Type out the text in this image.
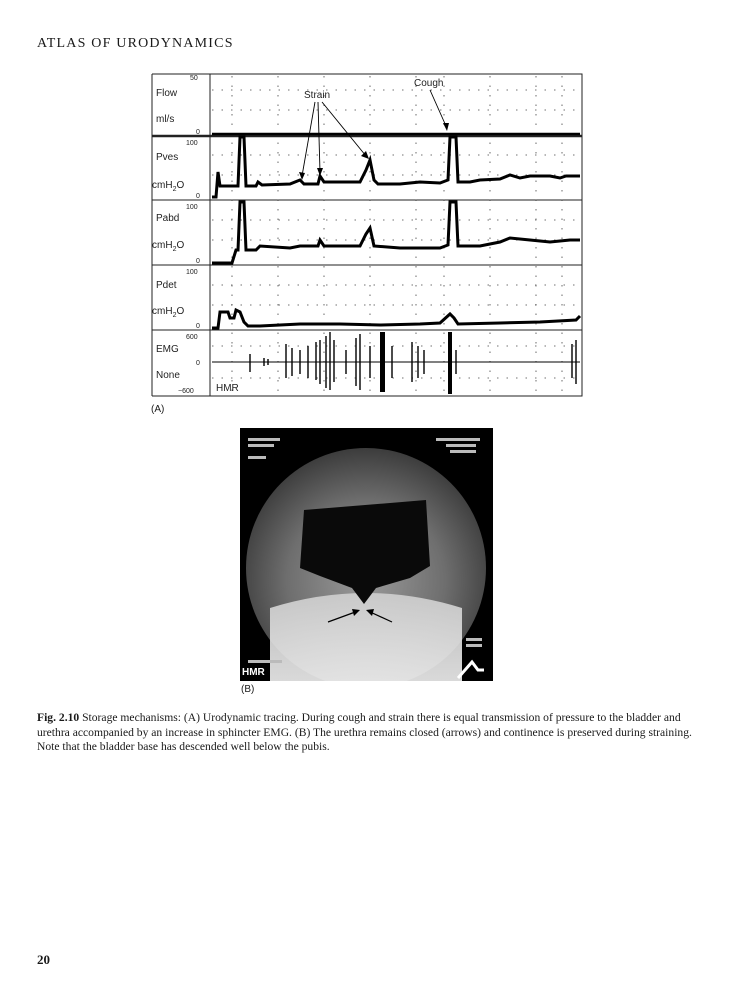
ATLAS OF URODYNAMICS
Flow
ml/s
50
0
Pves
cmH$_2$O
100
0
Pabd
cmH$_2$O
100
0
Pdet
cmH$_2$O
100
0
EMG
None
600
0
−600 HMR
Strain
Cough
(A)
HMR
(B)
Fig. 2.10 Storage mechanisms: (A) Urodynamic tracing. During cough and strain there is equal transmission of pressure to the bladder and urethra accompanied by an increase in sphincter EMG. (B) The urethra remains closed (arrows) and continence is preserved during straining. Note that the bladder base has descended well below the pubis.
20
